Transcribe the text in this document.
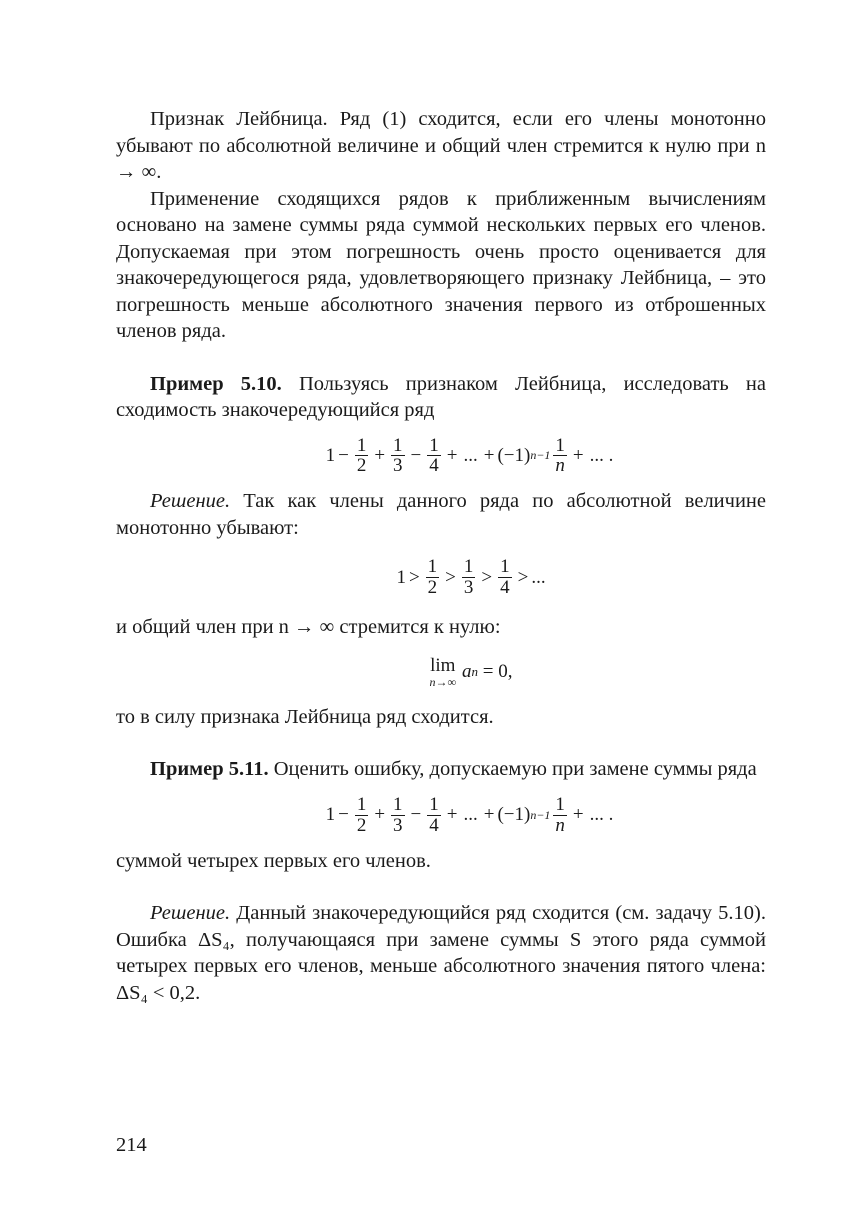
Признак Лейбница. Ряд (1) сходится, если его члены монотонно убывают по абсолютной величине и общий член стремится к нулю при n → ∞.

Применение сходящихся рядов к приближенным вычислениям основано на замене суммы ряда суммой нескольких первых его членов. Допускаемая при этом погрешность очень просто оценивается для знакочередующегося ряда, удовлетворяющего признаку Лейбница, – это погрешность меньше абсолютного значения первого из отброшенных членов ряда.

Пример 5.10. Пользуясь признаком Лейбница, исследовать на сходимость знакочередующийся ряд

$1 - \frac{1}{2} + \frac{1}{3} - \frac{1}{4}$ + ... + (−1) $n-1 \frac{1}{n}$ + ... .

Решение. Так как члены данного ряда по абсолютной величине монотонно убывают:

$1 > \frac{1}{2} > \frac{1}{3} > \frac{1}{4}$ > ...

и общий член при n → ∞ стремится к нулю:

lim
n→∞ a n = 0,

то в силу признака Лейбница ряд сходится.

Пример 5.11. Оценить ошибку, допускаемую при замене суммы ряда

$1 - \frac{1}{2} + \frac{1}{3} - \frac{1}{4}$ + ... + (−1) $n-1 \frac{1}{n}$ + ... .

суммой четырех первых его членов.

Решение. Данный знакочередующийся ряд сходится (см. задачу 5.10). Ошибка ΔS₄, получающаяся при замене суммы S этого ряда суммой четырех первых его членов, меньше абсолютного значения пятого члена: ΔS₄ < 0,2.

214
